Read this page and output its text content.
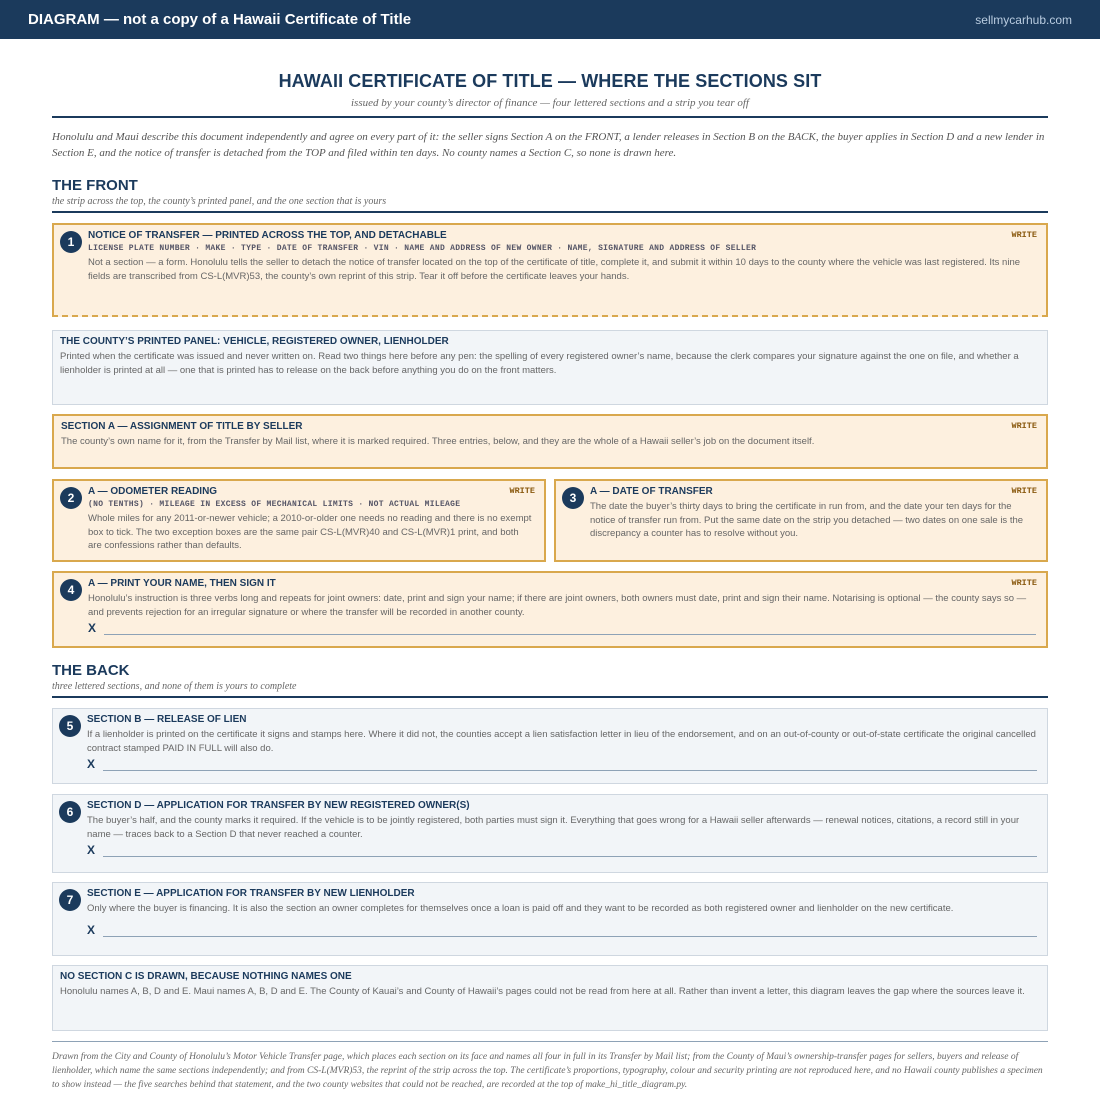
DIAGRAM — not a copy of a Hawaii Certificate of Title	sellmycarhub.com
HAWAII CERTIFICATE OF TITLE — WHERE THE SECTIONS SIT
issued by your county’s director of finance — four lettered sections and a strip you tear off
Honolulu and Maui describe this document independently and agree on every part of it: the seller signs Section A on the FRONT, a lender releases in Section B on the BACK, the buyer applies in Section D and a new lender in Section E, and the notice of transfer is detached from the TOP and filed within ten days. No county names a Section C, so none is drawn here.
THE FRONT
the strip across the top, the county’s printed panel, and the one section that is yours
1	WRITE
NOTICE OF TRANSFER — PRINTED ACROSS THE TOP, AND DETACHABLE
LICENSE PLATE NUMBER · MAKE · TYPE · DATE OF TRANSFER · VIN · NAME AND ADDRESS OF NEW OWNER · NAME, SIGNATURE AND ADDRESS OF SELLER
Not a section — a form. Honolulu tells the seller to detach the notice of transfer located on the top of the certificate of title, complete it, and submit it within 10 days to the county where the vehicle was last registered. Its nine fields are transcribed from CS-L(MVR)53, the county’s own reprint of this strip. Tear it off before the certificate leaves your hands.
THE COUNTY’S PRINTED PANEL: VEHICLE, REGISTERED OWNER, LIENHOLDER
Printed when the certificate was issued and never written on. Read two things here before any pen: the spelling of every registered owner’s name, because the clerk compares your signature against the one on file, and whether a lienholder is printed at all — one that is printed has to release on the back before anything you do on the front matters.
WRITE
SECTION A — ASSIGNMENT OF TITLE BY SELLER
The county’s own name for it, from the Transfer by Mail list, where it is marked required. Three entries, below, and they are the whole of a Hawaii seller’s job on the document itself.
2	WRITE
A — ODOMETER READING
(NO TENTHS) · MILEAGE IN EXCESS OF MECHANICAL LIMITS · NOT ACTUAL MILEAGE
Whole miles for any 2011-or-newer vehicle; a 2010-or-older one needs no reading and there is no exempt box to tick. The two exception boxes are the same pair CS-L(MVR)40 and CS-L(MVR)1 print, and both are confessions rather than defaults.
3	WRITE
A — DATE OF TRANSFER
The date the buyer’s thirty days to bring the certificate in run from, and the date your ten days for the notice of transfer run from. Put the same date on the strip you detached — two dates on one sale is the discrepancy a counter has to resolve without you.
4	WRITE
A — PRINT YOUR NAME, THEN SIGN IT
Honolulu’s instruction is three verbs long and repeats for joint owners: date, print and sign your name; if there are joint owners, both owners must date, print and sign their name. Notarising is optional — the county says so — and prevents rejection for an irregular signature or where the transfer will be recorded in another county.
X
THE BACK
three lettered sections, and none of them is yours to complete
5	SECTION B — RELEASE OF LIEN
If a lienholder is printed on the certificate it signs and stamps here. Where it did not, the counties accept a lien satisfaction letter in lieu of the endorsement, and on an out-of-county or out-of-state certificate the original cancelled contract stamped PAID IN FULL will also do.
X
6	SECTION D — APPLICATION FOR TRANSFER BY NEW REGISTERED OWNER(S)
The buyer’s half, and the county marks it required. If the vehicle is to be jointly registered, both parties must sign it. Everything that goes wrong for a Hawaii seller afterwards — renewal notices, citations, a record still in your name — traces back to a Section D that never reached a counter.
X
7	SECTION E — APPLICATION FOR TRANSFER BY NEW LIENHOLDER
Only where the buyer is financing. It is also the section an owner completes for themselves once a loan is paid off and they want to be recorded as both registered owner and lienholder on the new certificate.
X
NO SECTION C IS DRAWN, BECAUSE NOTHING NAMES ONE
Honolulu names A, B, D and E. Maui names A, B, D and E. The County of Kauai’s and County of Hawaii’s pages could not be read from here at all. Rather than invent a letter, this diagram leaves the gap where the sources leave it.
Drawn from the City and County of Honolulu’s Motor Vehicle Transfer page, which places each section on its face and names all four in full in its Transfer by Mail list; from the County of Maui’s ownership-transfer pages for sellers, buyers and release of lienholder, which name the same sections independently; and from CS-L(MVR)53, the reprint of the strip across the top. The certificate’s proportions, typography, colour and security printing are not reproduced here, and no Hawaii county publishes a specimen to show instead — the five searches behind that statement, and the two county websites that could not be reached, are recorded at the top of make_hi_title_diagram.py.
